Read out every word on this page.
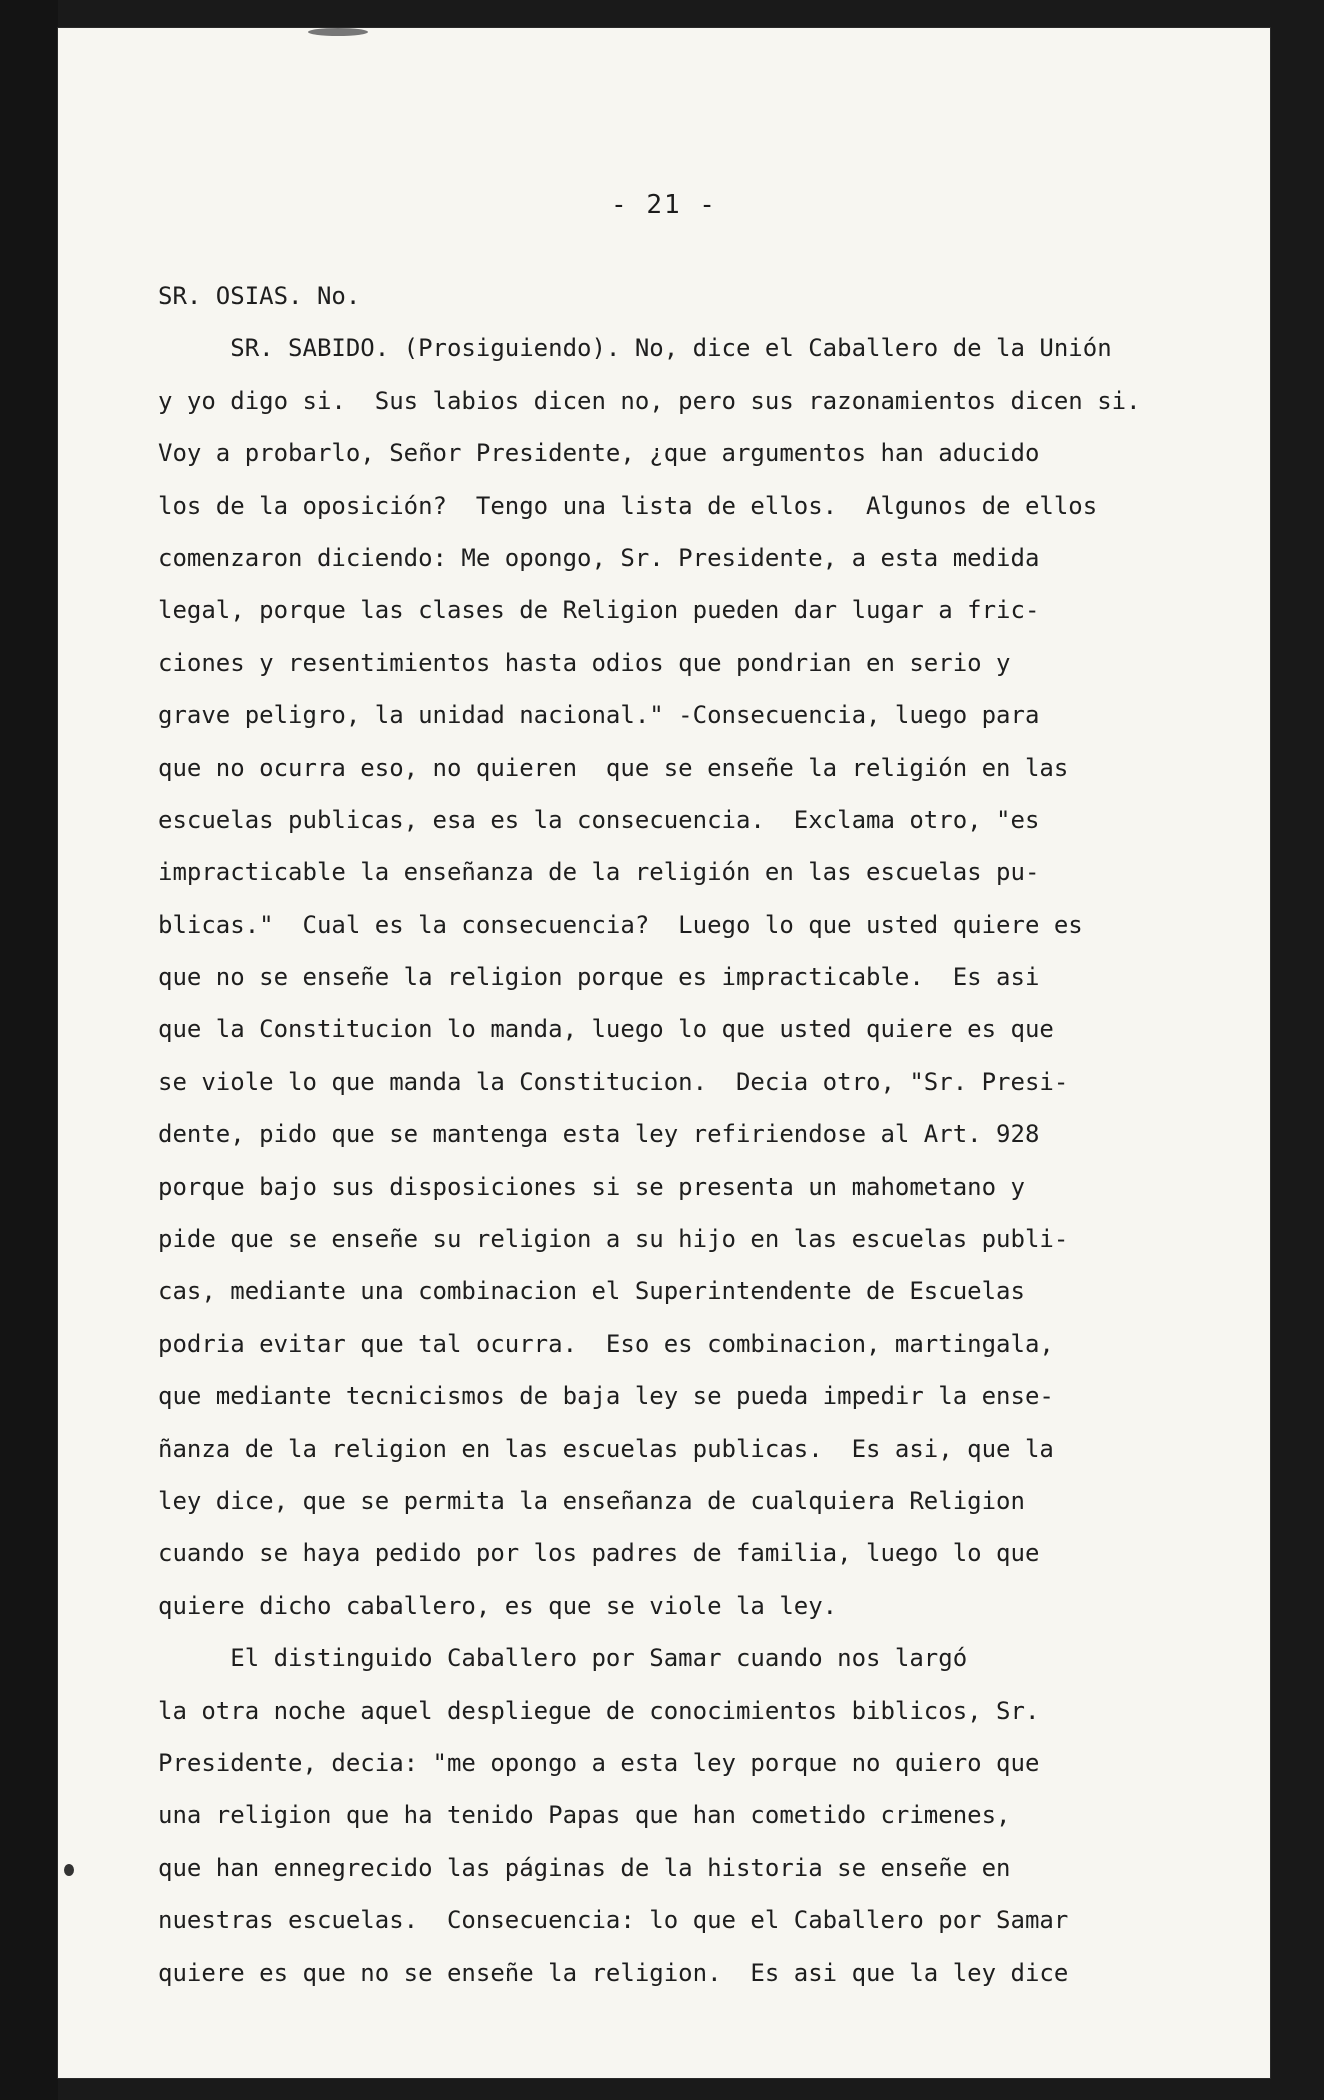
- 21 -
SR. OSIAS. No.
SR. SABIDO. (Prosiguiendo). No, dice el Caballero de la Unión
y yo digo si.  Sus labios dicen no, pero sus razonamientos dicen si.
Voy a probarlo, Señor Presidente, ¿que argumentos han aducido
los de la oposición?  Tengo una lista de ellos.  Algunos de ellos
comenzaron diciendo: Me opongo, Sr. Presidente, a esta medida
legal, porque las clases de Religion pueden dar lugar a fric-
ciones y resentimientos hasta odios que pondrian en serio y
grave peligro, la unidad nacional." -Consecuencia, luego para
que no ocurra eso, no quieren  que se enseñe la religión en las
escuelas publicas, esa es la consecuencia.  Exclama otro, "es
impracticable la enseñanza de la religión en las escuelas pu-
blicas."  Cual es la consecuencia?  Luego lo que usted quiere es
que no se enseñe la religion porque es impracticable.  Es asi
que la Constitucion lo manda, luego lo que usted quiere es que
se viole lo que manda la Constitucion.  Decia otro, "Sr. Presi-
dente, pido que se mantenga esta ley refiriendose al Art. 928
porque bajo sus disposiciones si se presenta un mahometano y
pide que se enseñe su religion a su hijo en las escuelas publi-
cas, mediante una combinacion el Superintendente de Escuelas
podria evitar que tal ocurra.  Eso es combinacion, martingala,
que mediante tecnicismos de baja ley se pueda impedir la ense-
ñanza de la religion en las escuelas publicas.  Es asi, que la
ley dice, que se permita la enseñanza de cualquiera Religion
cuando se haya pedido por los padres de familia, luego lo que
quiere dicho caballero, es que se viole la ley.
El distinguido Caballero por Samar cuando nos largó
la otra noche aquel despliegue de conocimientos biblicos, Sr.
Presidente, decia: "me opongo a esta ley porque no quiero que
una religion que ha tenido Papas que han cometido crimenes,
que han ennegrecido las páginas de la historia se enseñe en
nuestras escuelas.  Consecuencia: lo que el Caballero por Samar
quiere es que no se enseñe la religion.  Es asi que la ley dice
